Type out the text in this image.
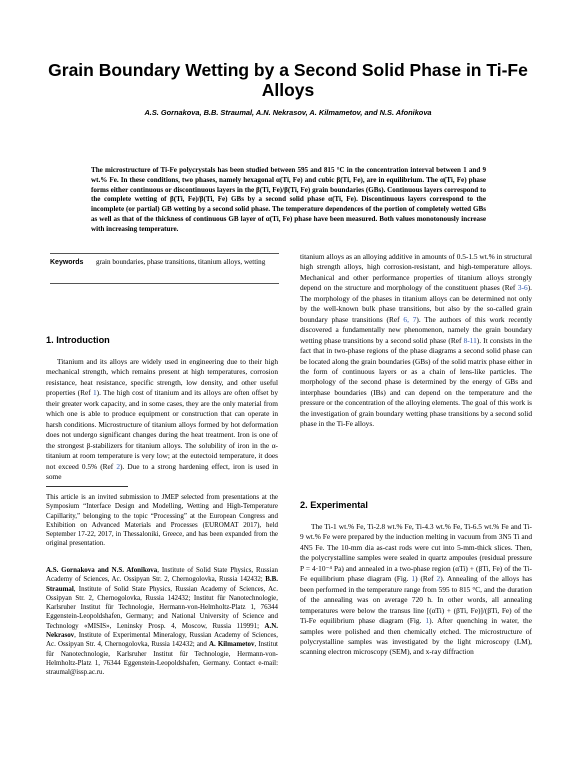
Grain Boundary Wetting by a Second Solid Phase in Ti-Fe Alloys
A.S. Gornakova, B.B. Straumal, A.N. Nekrasov, A. Kilmametov, and N.S. Afonikova
The microstructure of Ti-Fe polycrystals has been studied between 595 and 815 °C in the concentration interval between 1 and 9 wt.% Fe. In these conditions, two phases, namely hexagonal α(Ti, Fe) and cubic β(Ti, Fe), are in equilibrium. The α(Ti, Fe) phase forms either continuous or discontinuous layers in the β(Ti, Fe)/β(Ti, Fe) grain boundaries (GBs). Continuous layers correspond to the complete wetting of β(Ti, Fe)/β(Ti, Fe) GBs by a second solid phase α(Ti, Fe). Discontinuous layers correspond to the incomplete (or partial) GB wetting by a second solid phase. The temperature dependences of the portion of completely wetted GBs as well as that of the thickness of continuous GB layer of α(Ti, Fe) phase have been measured. Both values monotonously increase with increasing temperature.
Keywords	grain boundaries, phase transitions, titanium alloys, wetting
1. Introduction
Titanium and its alloys are widely used in engineering due to their high mechanical strength, which remains present at high temperatures, corrosion resistance, heat resistance, specific strength, low density, and other useful properties (Ref 1). The high cost of titanium and its alloys are often offset by their greater work capacity, and in some cases, they are the only material from which one is able to produce equipment or construction that can operate in harsh conditions. Microstructure of titanium alloys formed by hot deformation does not undergo significant changes during the heat treatment. Iron is one of the strongest β-stabilizers for titanium alloys. The solubility of iron in the α-titanium at room temperature is very low; at the eutectoid temperature, it does not exceed 0.5% (Ref 2). Due to a strong hardening effect, iron is used in some
This article is an invited submission to JMEP selected from presentations at the Symposium “Interface Design and Modelling, Wetting and High-Temperature Capillarity,” belonging to the topic “Processing” at the European Congress and Exhibition on Advanced Materials and Processes (EUROMAT 2017), held September 17-22, 2017, in Thessaloniki, Greece, and has been expanded from the original presentation.
A.S. Gornakova and N.S. Afonikova, Institute of Solid State Physics, Russian Academy of Sciences, Ac. Ossipyan Str. 2, Chernogolovka, Russia 142432; B.B. Straumal, Institute of Solid State Physics, Russian Academy of Sciences, Ac. Ossipyan Str. 2, Chernogolovka, Russia 142432; Institut für Nanotechnologie, Karlsruher Institut für Technologie, Hermann-von-Helmholtz-Platz 1, 76344 Eggenstein-Leopoldshafen, Germany; and National University of Science and Technology «MISIS», Leninsky Prosp. 4, Moscow, Russia 119991; A.N. Nekrasov, Institute of Experimental Mineralogy, Russian Academy of Sciences, Ac. Ossipyan Str. 4, Chernogolovka, Russia 142432; and A. Kilmametov, Institut für Nanotechnologie, Karlsruher Institut für Technologie, Hermann-von-Helmholtz-Platz 1, 76344 Eggenstein-Leopoldshafen, Germany. Contact e-mail: straumal@issp.ac.ru.
titanium alloys as an alloying additive in amounts of 0.5-1.5 wt.% in structural high strength alloys, high corrosion-resistant, and high-temperature alloys. Mechanical and other performance properties of titanium alloys strongly depend on the structure and morphology of the constituent phases (Ref 3-6). The morphology of the phases in titanium alloys can be determined not only by the well-known bulk phase transitions, but also by the so-called grain boundary phase transitions (Ref 6, 7). The authors of this work recently discovered a fundamentally new phenomenon, namely the grain boundary wetting phase transitions by a second solid phase (Ref 8-11). It consists in the fact that in two-phase regions of the phase diagrams a second solid phase can be located along the grain boundaries (GBs) of the solid matrix phase either in the form of continuous layers or as a chain of lens-like particles. The morphology of the second phase is determined by the energy of GBs and interphase boundaries (IBs) and can depend on the temperature and the pressure or the concentration of the alloying elements. The goal of this work is the investigation of grain boundary wetting phase transitions by a second solid phase in the Ti-Fe alloys.
2. Experimental
The Ti-1 wt.% Fe, Ti-2.8 wt.% Fe, Ti-4.3 wt.% Fe, Ti-6.5 wt.% Fe and Ti-9 wt.% Fe were prepared by the induction melting in vacuum from 3N5 Ti and 4N5 Fe. The 10-mm dia as-cast rods were cut into 5-mm-thick slices. Then, the polycrystalline samples were sealed in quartz ampoules (residual pressure P = 4·10⁻⁴ Pa) and annealed in a two-phase region (αTi) + (βTi, Fe) of the Ti-Fe equilibrium phase diagram (Fig. 1) (Ref 2). Annealing of the alloys has been performed in the temperature range from 595 to 815 °C, and the duration of the annealing was on average 720 h. In other words, all annealing temperatures were below the transus line [(αTi) + (βTi, Fe)]/(βTi, Fe) of the Ti-Fe equilibrium phase diagram (Fig. 1). After quenching in water, the samples were polished and then chemically etched. The microstructure of polycrystalline samples was investigated by the light microscopy (LM), scanning electron microscopy (SEM), and x-ray diffraction
